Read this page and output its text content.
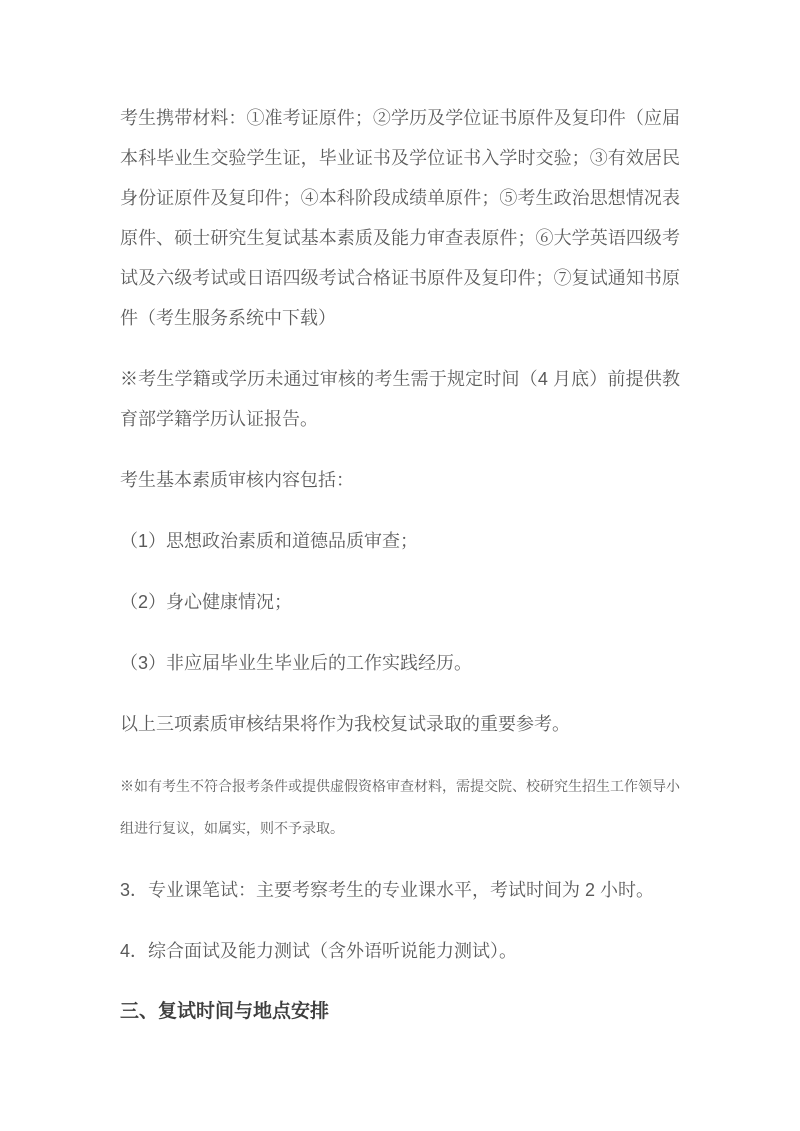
考生携带材料：①准考证原件；②学历及学位证书原件及复印件（应届本科毕业生交验学生证，毕业证书及学位证书入学时交验；③有效居民身份证原件及复印件；④本科阶段成绩单原件；⑤考生政治思想情况表原件、硕士研究生复试基本素质及能力审查表原件；⑥大学英语四级考试及六级考试或日语四级考试合格证书原件及复印件；⑦复试通知书原件（考生服务系统中下载）

※考生学籍或学历未通过审核的考生需于规定时间（4 月底）前提供教育部学籍学历认证报告。

考生基本素质审核内容包括：

（1）思想政治素质和道德品质审查；

（2）身心健康情况；

（3）非应届毕业生毕业后的工作实践经历。

以上三项素质审核结果将作为我校复试录取的重要参考。

※如有考生不符合报考条件或提供虚假资格审查材料，需提交院、校研究生招生工作领导小组进行复议，如属实，则不予录取。

3．专业课笔试：主要考察考生的专业课水平，考试时间为 2 小时。

4．综合面试及能力测试（含外语听说能力测试）。

三、复试时间与地点安排
